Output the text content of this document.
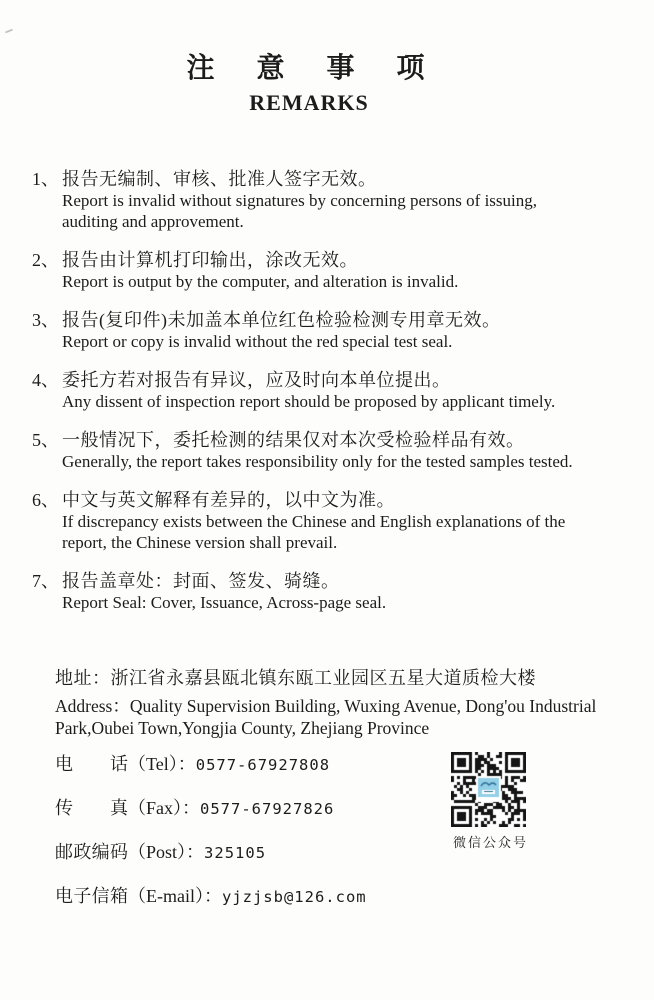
注　意　事　项
REMARKS
1、 报告无编制、审核、批准人签字无效。
Report is invalid without signatures by concerning persons of issuing,
auditing and approvement.
2、 报告由计算机打印输出，涂改无效。
Report is output by the computer, and alteration is invalid.
3、 报告(复印件)未加盖本单位红色检验检测专用章无效。
Report or copy is invalid without the red special test seal.
4、 委托方若对报告有异议，应及时向本单位提出。
Any dissent of inspection report should be proposed by applicant timely.
5、 一般情况下，委托检测的结果仅对本次受检验样品有效。
Generally, the report takes responsibility only for the tested samples tested.
6、 中文与英文解释有差异的，以中文为准。
If discrepancy exists between the Chinese and English explanations of the
report, the Chinese version shall prevail.
7、 报告盖章处：封面、签发、骑缝。
Report Seal: Cover, Issuance, Across-page seal.
地址：浙江省永嘉县瓯北镇东瓯工业园区五星大道质检大楼
Address：Quality Supervision Building, Wuxing Avenue, Dong'ou Industrial
Park,Oubei Town,Yongjia County, Zhejiang Province
电话（Tel）：0577-67927808
传真（Fax）：0577-67927826
邮政编码（Post）：325105
电子信箱（E-mail）：yjzjsb@126.com
微信公众号
